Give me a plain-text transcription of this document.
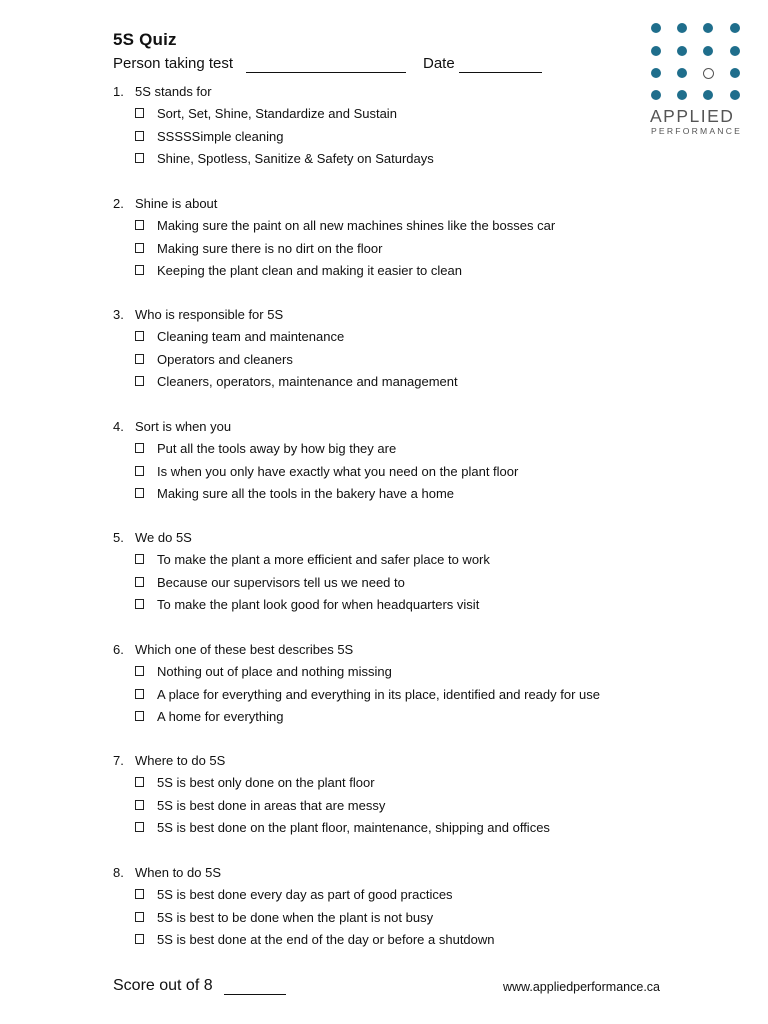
5S Quiz
Person taking test	Date
APPLIED
PERFORMANCE
1. 5S stands for
Sort, Set, Shine, Standardize and Sustain
SSSSSimple cleaning
Shine, Spotless, Sanitize & Safety on Saturdays
2. Shine is about
Making sure the paint on all new machines shines like the bosses car
Making sure there is no dirt on the floor
Keeping the plant clean and making it easier to clean
3. Who is responsible for 5S
Cleaning team and maintenance
Operators and cleaners
Cleaners, operators, maintenance and management
4. Sort is when you
Put all the tools away by how big they are
Is when you only have exactly what you need on the plant floor
Making sure all the tools in the bakery have a home
5. We do 5S
To make the plant a more efficient and safer place to work
Because our supervisors tell us we need to
To make the plant look good for when headquarters visit
6. Which one of these best describes 5S
Nothing out of place and nothing missing
A place for everything and everything in its place, identified and ready for use
A home for everything
7. Where to do 5S
5S is best only done on the plant floor
5S is best done in areas that are messy
5S is best done on the plant floor, maintenance, shipping and offices
8. When to do 5S
5S is best done every day as part of good practices
5S is best to be done when the plant is not busy
5S is best done at the end of the day or before a shutdown
Score out of 8	www.appliedperformance.ca
